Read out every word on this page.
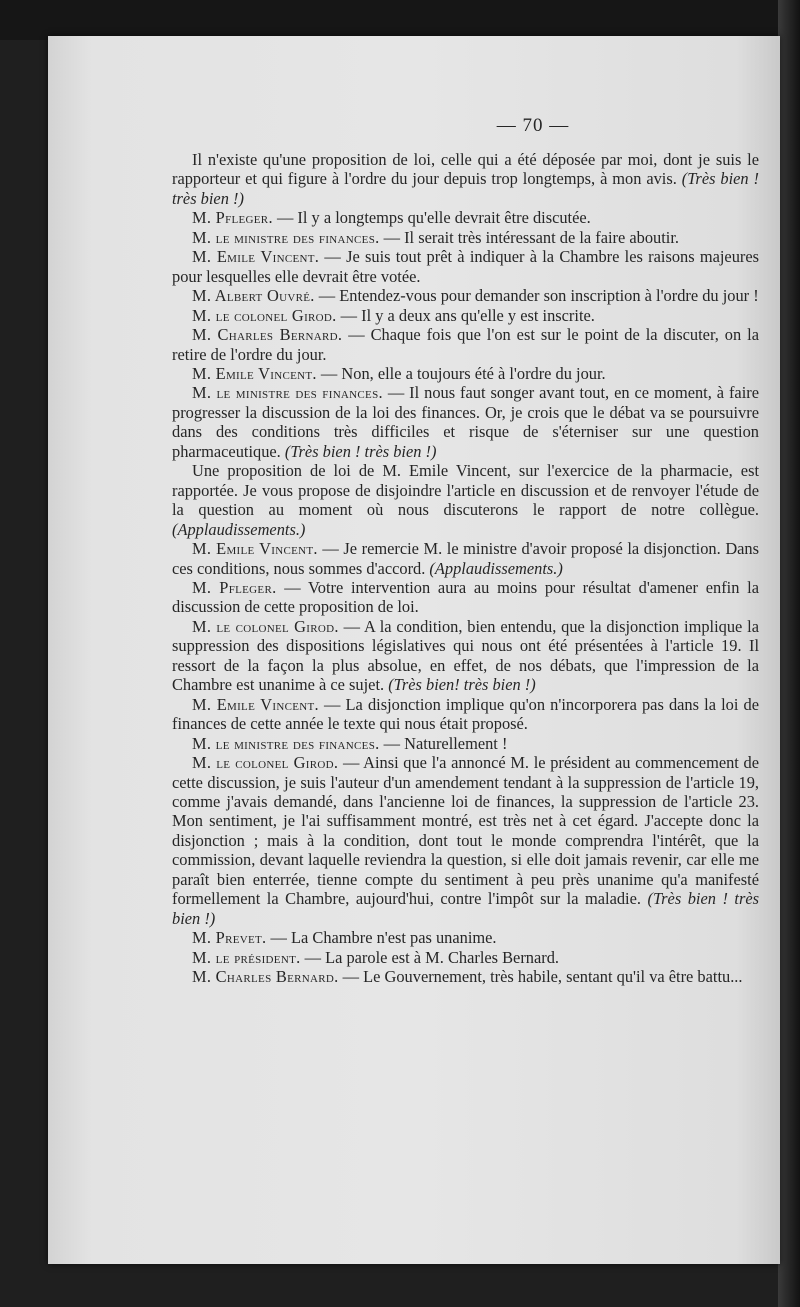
— 70 —

Il n'existe qu'une proposition de loi, celle qui a été déposée par moi, dont je suis le rapporteur et qui figure à l'ordre du jour depuis trop longtemps, à mon avis. (Très bien ! très bien !)

M. Pfleger. — Il y a longtemps qu'elle devrait être discutée.

M. le ministre des finances. — Il serait très intéressant de la faire aboutir.

M. Emile Vincent. — Je suis tout prêt à indiquer à la Chambre les raisons majeures pour lesquelles elle devrait être votée.

M. Albert Ouvré. — Entendez-vous pour demander son inscription à l'ordre du jour !

M. le colonel Girod. — Il y a deux ans qu'elle y est inscrite.

M. Charles Bernard. — Chaque fois que l'on est sur le point de la discuter, on la retire de l'ordre du jour.

M. Emile Vincent. — Non, elle a toujours été à l'ordre du jour.

M. le ministre des finances. — Il nous faut songer avant tout, en ce moment, à faire progresser la discussion de la loi des finances. Or, je crois que le débat va se poursuivre dans des conditions très difficiles et risque de s'éterniser sur une question pharmaceutique. (Très bien ! très bien !)

Une proposition de loi de M. Emile Vincent, sur l'exercice de la pharmacie, est rapportée. Je vous propose de disjoindre l'article en discussion et de renvoyer l'étude de la question au moment où nous discuterons le rapport de notre collègue. (Applaudissements.)

M. Emile Vincent. — Je remercie M. le ministre d'avoir proposé la disjonction. Dans ces conditions, nous sommes d'accord. (Applaudissements.)

M. Pfleger. — Votre intervention aura au moins pour résultat d'amener enfin la discussion de cette proposition de loi.

M. le colonel Girod. — A la condition, bien entendu, que la disjonction implique la suppression des dispositions législatives qui nous ont été présentées à l'article 19. Il ressort de la façon la plus absolue, en effet, de nos débats, que l'impression de la Chambre est unanime à ce sujet. (Très bien! très bien !)

M. Emile Vincent. — La disjonction implique qu'on n'incorporera pas dans la loi de finances de cette année le texte qui nous était proposé.

M. le ministre des finances. — Naturellement !

M. le colonel Girod. — Ainsi que l'a annoncé M. le président au commencement de cette discussion, je suis l'auteur d'un amendement tendant à la suppression de l'article 19, comme j'avais demandé, dans l'ancienne loi de finances, la suppression de l'article 23. Mon sentiment, je l'ai suffisamment montré, est très net à cet égard. J'accepte donc la disjonction ; mais à la condition, dont tout le monde comprendra l'intérêt, que la commission, devant laquelle reviendra la question, si elle doit jamais revenir, car elle me paraît bien enterrée, tienne compte du sentiment à peu près unanime qu'a manifesté formellement la Chambre, aujourd'hui, contre l'impôt sur la maladie. (Très bien ! très bien !)

M. Prevet. — La Chambre n'est pas unanime.

M. le président. — La parole est à M. Charles Bernard.

M. Charles Bernard. — Le Gouvernement, très habile, sentant qu'il va être battu...
